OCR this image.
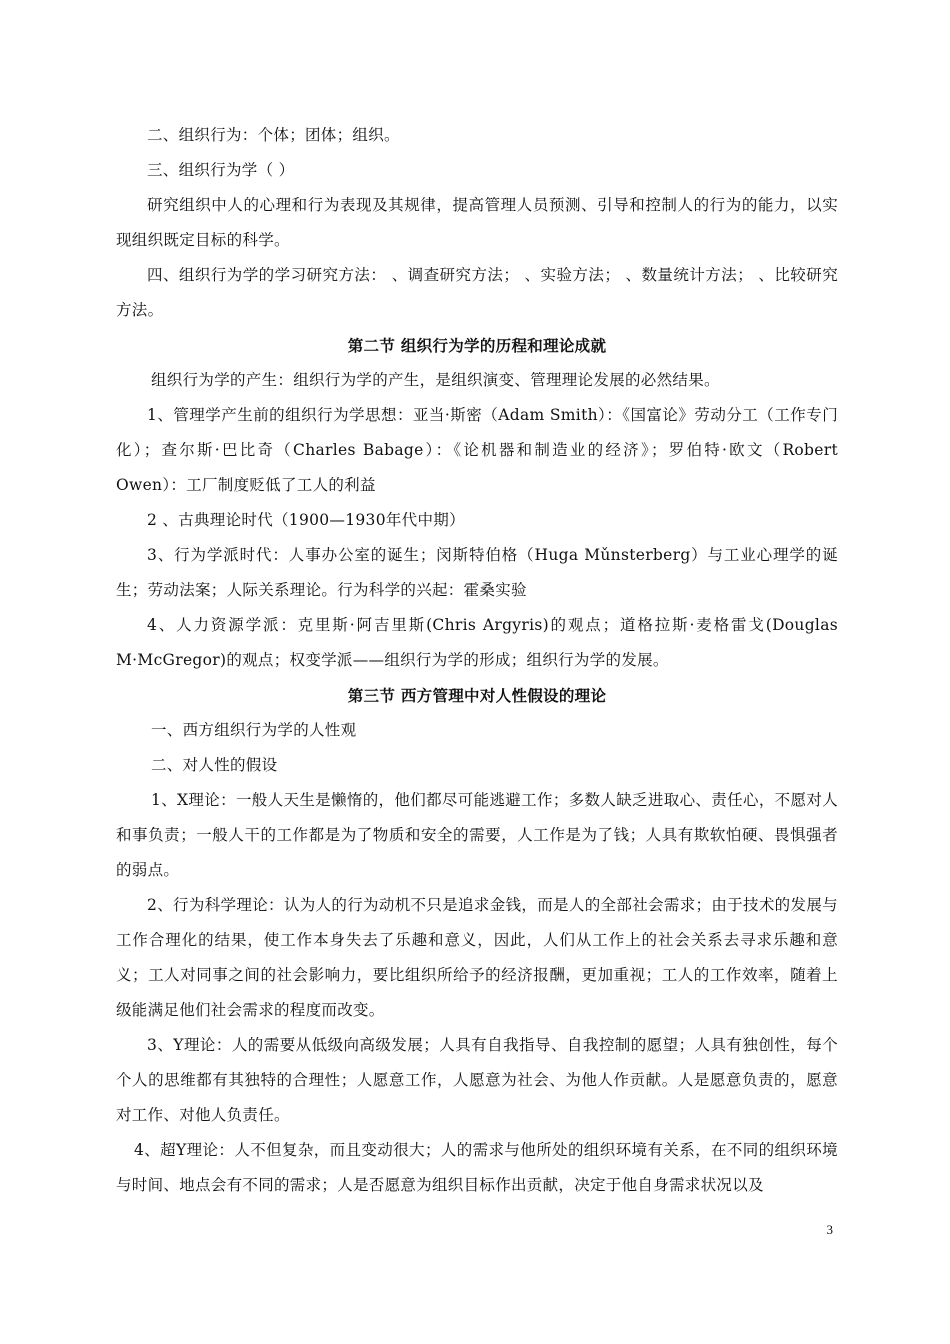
二、组织行为：个体；团体；组织。

三、组织行为学（ ）

研究组织中人的心理和行为表现及其规律，提高管理人员预测、引导和控制人的行为的能力，以实现组织既定目标的科学。

四、组织行为学的学习研究方法： 、调查研究方法； 、实验方法； 、数量统计方法； 、比较研究方法。

第二节 组织行为学的历程和理论成就

组织行为学的产生：组织行为学的产生，是组织演变、管理理论发展的必然结果。

1、管理学产生前的组织行为学思想：亚当·斯密（Adam Smith）：《国富论》劳动分工（工作专门化）；查尔斯·巴比奇（Charles Babage）：《论机器和制造业的经济》；罗伯特·欧文（Robert Owen）：工厂制度贬低了工人的利益

2 、古典理论时代（1900—1930年代中期）

3、行为学派时代：人事办公室的诞生；闵斯特伯格（Huga Mǔnsterberg）与工业心理学的诞生；劳动法案；人际关系理论。行为科学的兴起：霍桑实验

4、人力资源学派：克里斯·阿吉里斯(Chris Argyris)的观点；道格拉斯·麦格雷戈(Douglas M·McGregor)的观点；权变学派——组织行为学的形成；组织行为学的发展。

第三节 西方管理中对人性假设的理论

一、西方组织行为学的人性观

二、对人性的假设

1、X理论：一般人天生是懒惰的，他们都尽可能逃避工作；多数人缺乏进取心、责任心，不愿对人和事负责；一般人干的工作都是为了物质和安全的需要，人工作是为了钱；人具有欺软怕硬、畏惧强者的弱点。

2、行为科学理论：认为人的行为动机不只是追求金钱，而是人的全部社会需求；由于技术的发展与工作合理化的结果，使工作本身失去了乐趣和意义，因此，人们从工作上的社会关系去寻求乐趣和意义；工人对同事之间的社会影响力，要比组织所给予的经济报酬，更加重视；工人的工作效率，随着上级能满足他们社会需求的程度而改变。

3、Y理论：人的需要从低级向高级发展；人具有自我指导、自我控制的愿望；人具有独创性，每个个人的思维都有其独特的合理性；人愿意工作，人愿意为社会、为他人作贡献。人是愿意负责的，愿意对工作、对他人负责任。

4、超Y理论：人不但复杂，而且变动很大；人的需求与他所处的组织环境有关系，在不同的组织环境与时间、地点会有不同的需求；人是否愿意为组织目标作出贡献，决定于他自身需求状况以及

3
